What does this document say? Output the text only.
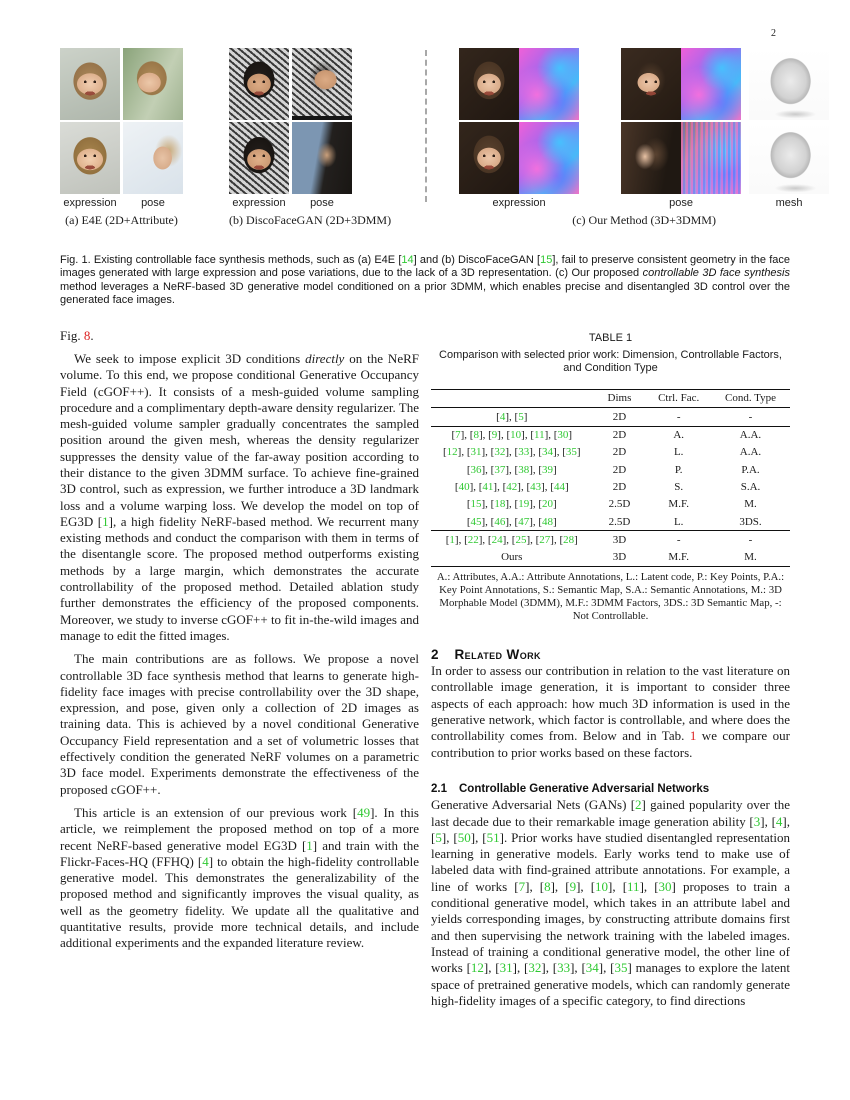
2
expression	pose
(a) E4E (2D+Attribute)
expression	pose
(b) DiscoFaceGAN (2D+3DMM)
expression	pose	mesh
(c) Our Method (3D+3DMM)
Fig. 1. Existing controllable face synthesis methods, such as (a) E4E [14] and (b) DiscoFaceGAN [15], fail to preserve consistent geometry in the face images generated with large expression and pose variations, due to the lack of a 3D representation. (c) Our proposed controllable 3D face synthesis method leverages a NeRF-based 3D generative model conditioned on a prior 3DMM, which enables precise and disentangled 3D control over the generated face images.

Fig. 8.

We seek to impose explicit 3D conditions directly on the NeRF volume. To this end, we propose conditional Generative Occupancy Field (cGOF++). It consists of a mesh-guided volume sampling procedure and a complimentary depth-aware density regularizer. The mesh-guided volume sampler gradually concentrates the sampled position around the given mesh, whereas the density regularizer suppresses the density value of the far-away position according to their distance to the given 3DMM surface. To achieve fine-grained 3D control, such as expression, we further introduce a 3D landmark loss and a volume warping loss. We develop the model on top of EG3D [1], a high fidelity NeRF-based method. We recurrent many existing methods and conduct the comparison with them in terms of the disentangle score. The proposed method outperforms existing methods by a large margin, which demonstrates the accurate controllability of the proposed method. Detailed ablation study further demonstrates the efficiency of the proposed components. Moreover, we study to inverse cGOF++ to fit in-the-wild images and manage to edit the fitted images.

The main contributions are as follows. We propose a novel controllable 3D face synthesis method that learns to generate high-fidelity face images with precise controllability over the 3D shape, expression, and pose, given only a collection of 2D images as training data. This is achieved by a novel conditional Generative Occupancy Field representation and a set of volumetric losses that effectively condition the generated NeRF volumes on a parametric 3D face model. Experiments demonstrate the effectiveness of the proposed cGOF++.

This article is an extension of our previous work [49]. In this article, we reimplement the proposed method on top of a more recent NeRF-based generative model EG3D [1] and train with the Flickr-Faces-HQ (FFHQ) [4] to obtain the high-fidelity controllable generative model. This demonstrates the generalizability of the proposed method and significantly improves the visual quality, as well as the geometry fidelity. We update all the qualitative and quantitative results, provide more technical details, and include additional experiments and the expanded literature review.

TABLE 1
Comparison with selected prior work: Dimension, Controllable Factors, and Condition Type
	Dims	Ctrl. Fac.	Cond. Type
[4], [5]	2D	-	-
[7], [8], [9], [10], [11], [30]	2D	A.	A.A.
[12], [31], [32], [33], [34], [35]	2D	L.	A.A.
[36], [37], [38], [39]	2D	P.	P.A.
[40], [41], [42], [43], [44]	2D	S.	S.A.
[15], [18], [19], [20]	2.5D	M.F.	M.
[45], [46], [47], [48]	2.5D	L.	3DS.
[1], [22], [24], [25], [27], [28]	3D	-	-
Ours	3D	M.F.	M.
A.: Attributes, A.A.: Attribute Annotations, L.: Latent code, P.: Key Points, P.A.: Key Point Annotations, S.: Semantic Map, S.A.: Semantic Annotations, M.: 3D Morphable Model (3DMM), M.F.: 3DMM Factors, 3DS.: 3D Semantic Map, -: Not Controllable.
2 Related Work

In order to assess our contribution in relation to the vast literature on controllable image generation, it is important to consider three aspects of each approach: how much 3D information is used in the generative network, which factor is controllable, and where does the controllability comes from. Below and in Tab. 1 we compare our contribution to prior works based on these factors.

2.1 Controllable Generative Adversarial Networks

Generative Adversarial Nets (GANs) [2] gained popularity over the last decade due to their remarkable image generation ability [3], [4], [5], [50], [51]. Prior works have studied disentangled representation learning in generative models. Early works tend to make use of labeled data with find-grained attribute annotations. For example, a line of works [7], [8], [9], [10], [11], [30] proposes to train a conditional generative model, which takes in an attribute label and yields corresponding images, by constructing attribute domains first and then supervising the network training with the labeled images. Instead of training a conditional generative model, the other line of works [12], [31], [32], [33], [34], [35] manages to explore the latent space of pretrained generative models, which can randomly generate high-fidelity images of a specific category, to find directions
